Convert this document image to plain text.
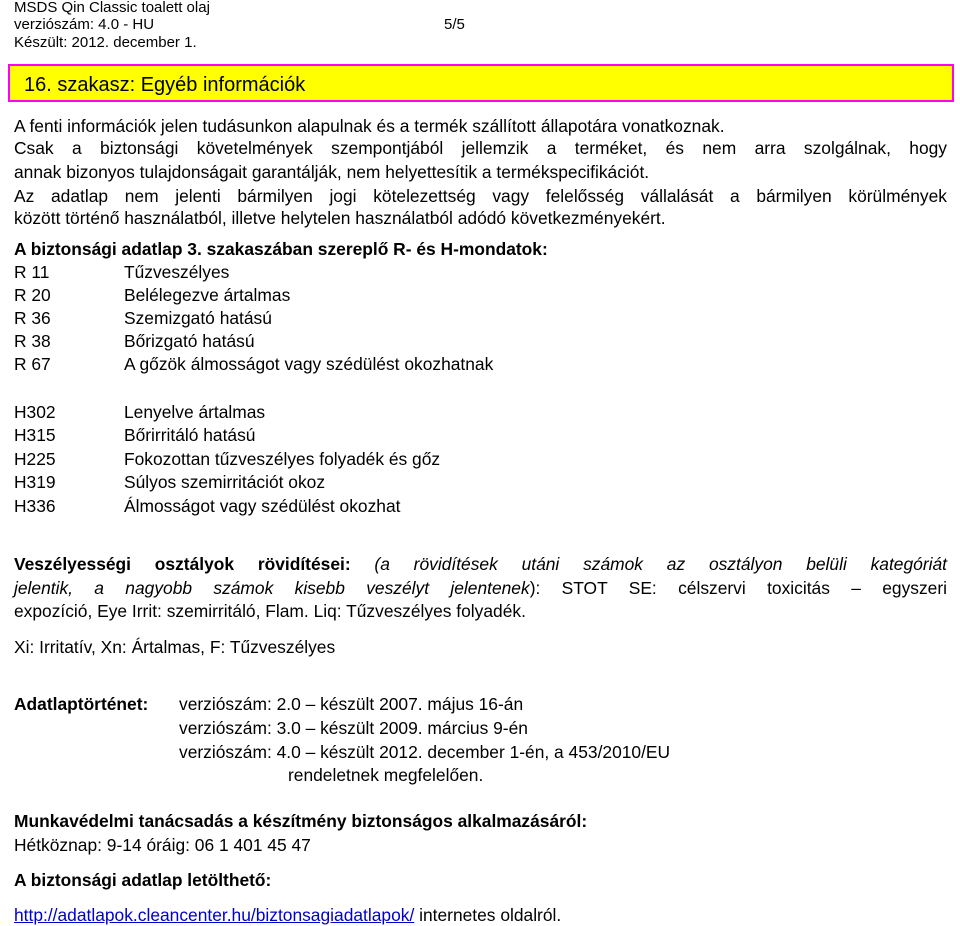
MSDS Qin Classic toalett olaj
verziószám: 4.0 - HU	5/5
Készült: 2012. december 1.
16. szakasz: Egyéb információk
A fenti információk jelen tudásunkon alapulnak és a termék szállított állapotára vonatkoznak.
Csak a biztonsági követelmények szempontjából jellemzik a terméket, és nem arra szolgálnak, hogy
annak bizonyos tulajdonságait garantálják, nem helyettesítik a termékspecifikációt.
Az adatlap nem jelenti bármilyen jogi kötelezettség vagy felelősség vállalását a bármilyen körülmények
között történő használatból, illetve helytelen használatból adódó következményekért.
A biztonsági adatlap 3. szakaszában szereplő R- és H-mondatok:
R 11	Tűzveszélyes
R 20	Belélegezve ártalmas
R 36	Szemizgató hatású
R 38	Bőrizgató hatású
R 67	A gőzök álmosságot vagy szédülést okozhatnak
H302	Lenyelve ártalmas
H315	Bőrirritáló hatású
H225	Fokozottan tűzveszélyes folyadék és gőz
H319	Súlyos szemirritációt okoz
H336	Álmosságot vagy szédülést okozhat
Veszélyességi osztályok rövidítései: (a rövidítések utáni számok az osztályon belüli kategóriát
jelentik, a nagyobb számok kisebb veszélyt jelentenek): STOT SE: célszervi toxicitás – egyszeri
expozíció, Eye Irrit: szemirritáló, Flam. Liq: Tűzveszélyes folyadék.
Xi: Irritatív, Xn: Ártalmas, F: Tűzveszélyes
Adatlaptörténet: verziószám: 2.0 – készült 2007. május 16-án
verziószám: 3.0 – készült 2009. március 9-én
verziószám: 4.0 – készült 2012. december 1-én, a 453/2010/EU
rendeletnek megfelelően.
Munkavédelmi tanácsadás a készítmény biztonságos alkalmazásáról:
Hétköznap: 9-14 óráig: 06 1 401 45 47
A biztonsági adatlap letölthető:
http://adatlapok.cleancenter.hu/biztonsagiadatlapok/ internetes oldalról.
